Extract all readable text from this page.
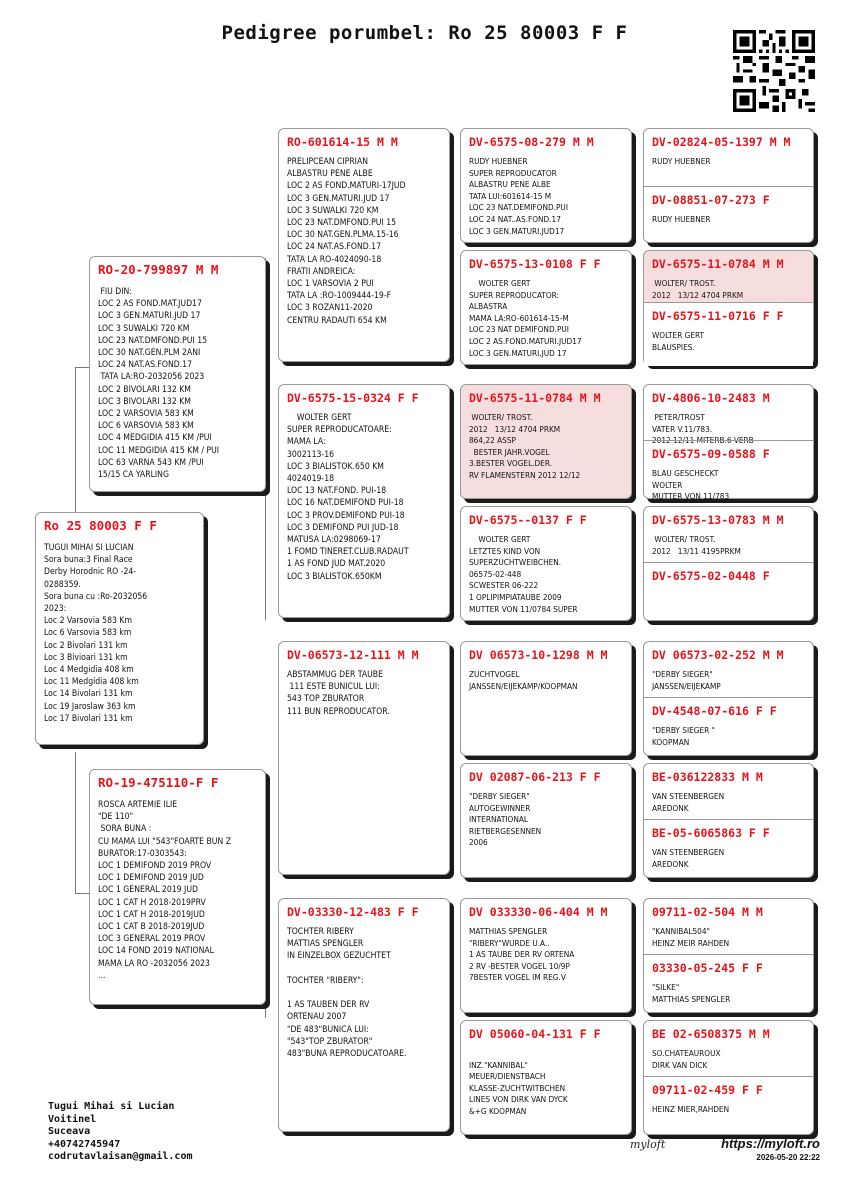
Pedigree porumbel: Ro 25 80003 F F
Ro 25 80003 F F
TUGUI MIHAI SI LUCIAN
Sora buna:3 Final Race
Derby Horodnic RO -24-
0288359.
Sora buna cu :Ro-2032056
2023:
Loc 2 Varsovia 583 Km
Loc 6 Varsovia 583 km
Loc 2 Bivolari 131 km
Loc 3 Bivioari 131 km
Loc 4 Medgidia 408 km
Loc 11 Medgidia 408 km
Loc 14 Bivolari 131 km
Loc 19 Jaroslaw 363 km
Loc 17 Bivolari 131 km
RO-20-799897 M M
FIU DIN:
LOC 2 AS FOND.MAT.JUD17
LOC 3 GEN.MATURI.JUD 17
LOC 3 SUWALKI 720 KM
LOC 23 NAT.DMFOND.PUI 15
LOC 30 NAT.GEN.PLM 2ANI
LOC 24 NAT.AS.FOND.17
TATA LA:RO-2032056 2023
LOC 2 BIVOLARI 132 KM
LOC 3 BIVOLARI 132 KM
LOC 2 VARSOVIA 583 KM
LOC 6 VARSOVIA 583 KM
LOC 4 MEDGIDIA 415 KM /PUI
LOC 11 MEDGIDIA 415 KM / PUI
LOC 63 VARNA 543 KM /PUI
15/15 CA YARLING
RO-19-475110-F F
ROSCA ARTEMIE ILIE
"DE 110"
SORA BUNA :
CU MAMA LUI "543"FOARTE BUN Z
BURATOR:17-0303543:
LOC 1 DEMIFOND 2019 PROV
LOC 1 DEMIFOND 2019 JUD
LOC 1 GENERAL 2019 JUD
LOC 1 CAT H 2018-2019PRV
LOC 1 CAT H 2018-2019JUD
LOC 1 CAT B 2018-2019JUD
LOC 3 GENERAL 2019 PROV
LOC 14 FOND 2019 NATIONAL
MAMA LA RO -2032056 2023
...
RO-601614-15 M M
PRELIPCEAN CIPRIAN
ALBASTRU PENE ALBE
LOC 2 AS FOND.MATURI-17JUD
LOC 3 GEN.MATURI.JUD 17
LOC 3 SUWALKI 720 KM
LOC 23 NAT.DMFOND.PUI 15
LOC 30 NAT.GEN.PLMA.15-16
LOC 24 NAT.AS.FOND.17
TATA LA RO-4024090-18
FRATII ANDREICA:
LOC 1 VARSOVIA 2 PUI
TATA LA :RO-1009444-19-F
LOC 3 ROZAN11-2020
CENTRU RADAUTI 654 KM
DV-6575-15-0324 F F
WOLTER GERT
SUPER REPRODUCATOARE:
MAMA LA:
3002113-16
LOC 3 BIALISTOK.650 KM
4024019-18
LOC 13 NAT.FOND. PUI-18
LOC 16 NAT.DEMIFOND PUI-18
LOC 3 PROV.DEMIFOND PUI-18
LOC 3 DEMIFOND PUI JUD-18
MATUSA LA:0298069-17
1 FOMD TINERET.CLUB.RADAUT
1 AS FOND JUD MAT.2020
LOC 3 BIALISTOK.650KM
DV-06573-12-111 M M
ABSTAMMUG DER TAUBE
111 ESTE BUNICUL LUI:
543 TOP ZBURATOR
111 BUN REPRODUCATOR.
DV-03330-12-483 F F
TOCHTER RIBERY
MATTIAS SPENGLER
IN EINZELBOX GEZUCHTET

TOCHTER "RIBERY":

1 AS TAUBEN DER RV
ORTENAU 2007
"DE 483"BUNICA LUI:
"543"TOP ZBURATOR"
483"BUNA REPRODUCATOARE.
DV-6575-08-279 M M
RUDY HUEBNER
SUPER REPRODUCATOR
ALBASTRU PENE ALBE
TATA LUI:601614-15 M
LOC 23 NAT.DEMIFOND.PUI
LOC 24 NAT..AS.FOND.17
LOC 3 GEN.MATURI.JUD17
DV-6575-13-0108 F F
WOLTER GERT
SUPER REPRODUCATOR:
ALBASTRA
MAMA LA:RO-601614-15-M
LOC 23 NAT DEMIFOND.PUI
LOC 2 AS.FOND.MATURI.JUD17
LOC 3 GEN.MATURI.JUD 17
DV-6575-11-0784 M M
WOLTER/ TROST.
2012   13/12 4704 PRKM
864,22 ASSP
BESTER JAHR.VOGEL
3.BESTER VOGEL.DER.
RV FLAMENSTERN 2012 12/12
DV-6575--0137 F F
WOLTER GERT
LETZTES KIND VON
SUPERZUCHTWEIBCHEN.
06575-02-448
SCWESTER 06-222
1 OPLIPIMPIATAUBE 2009
MUTTER VON 11/0784 SUPER
DV 06573-10-1298 M M
ZUCHTVOGEL
JANSSEN/EIJEKAMP/KOOPMAN
DV 02087-06-213 F F
"DERBY SIEGER"
AUTOGEWINNER
INTERNATIONAL
RIETBERGESENNEN
2006
DV 033330-06-404 M M
MATTHIAS SPENGLER
"RIBERY"WURDE U.A..
1 AS TAUBE DER RV ORTENA
2 RV -BESTER VOGEL 10/9P
7BESTER VOGEL IM REG.V
DV 05060-04-131 F F

INZ."KANNIBAL"
MEUER/DIENSTBACH
KLASSE-ZUCHTWITBCHEN
LINES VON DIRK VAN DYCK
&+G KOOPMAN
DV-02824-05-1397 M M
RUDY HUEBNER
DV-08851-07-273 F
RUDY HUEBNER
DV-6575-11-0784 M M
WOLTER/ TROST.
2012   13/12 4704 PRKM
DV-6575-11-0716 F F
WOLTER GERT
BLAUSPIES.
DV-4806-10-2483 M
PETER/TROST
VATER V.11/783.
2012 12/11 MITERB.6 VERB
DV-6575-09-0588 F
BLAU GESCHECKT
WOLTER
MUTTER VON 11/783
DV-6575-13-0783 M M
WOLTER/ TROST.
2012   13/11 4195PRKM
DV-6575-02-0448 F
DV 06573-02-252 M M
"DERBY SIEGER"
JANSSEN/EIJEKAMP
DV-4548-07-616 F F
"DERBY SIEGER "
KOOPMAN
BE-036122833 M M
VAN STEENBERGEN
AREDONK
BE-05-6065863 F F
VAN STEENBERGEN
AREDONK
09711-02-504 M M
"KANNIBAL504"
HEINZ MEIR RAHDEN
03330-05-245 F F
"SILKE"
MATTHIAS SPENGLER
BE 02-6508375 M M
SO.CHATEAUROUX
DIRK VAN DICK
09711-02-459 F F
HEINZ MIER,RAHDEN
Tugui Mihai si Lucian
Voitinel
Suceava
+40742745947
codrutavlaisan@gmail.com
myloft	https://myloft.ro
2026-05-20 22:22
